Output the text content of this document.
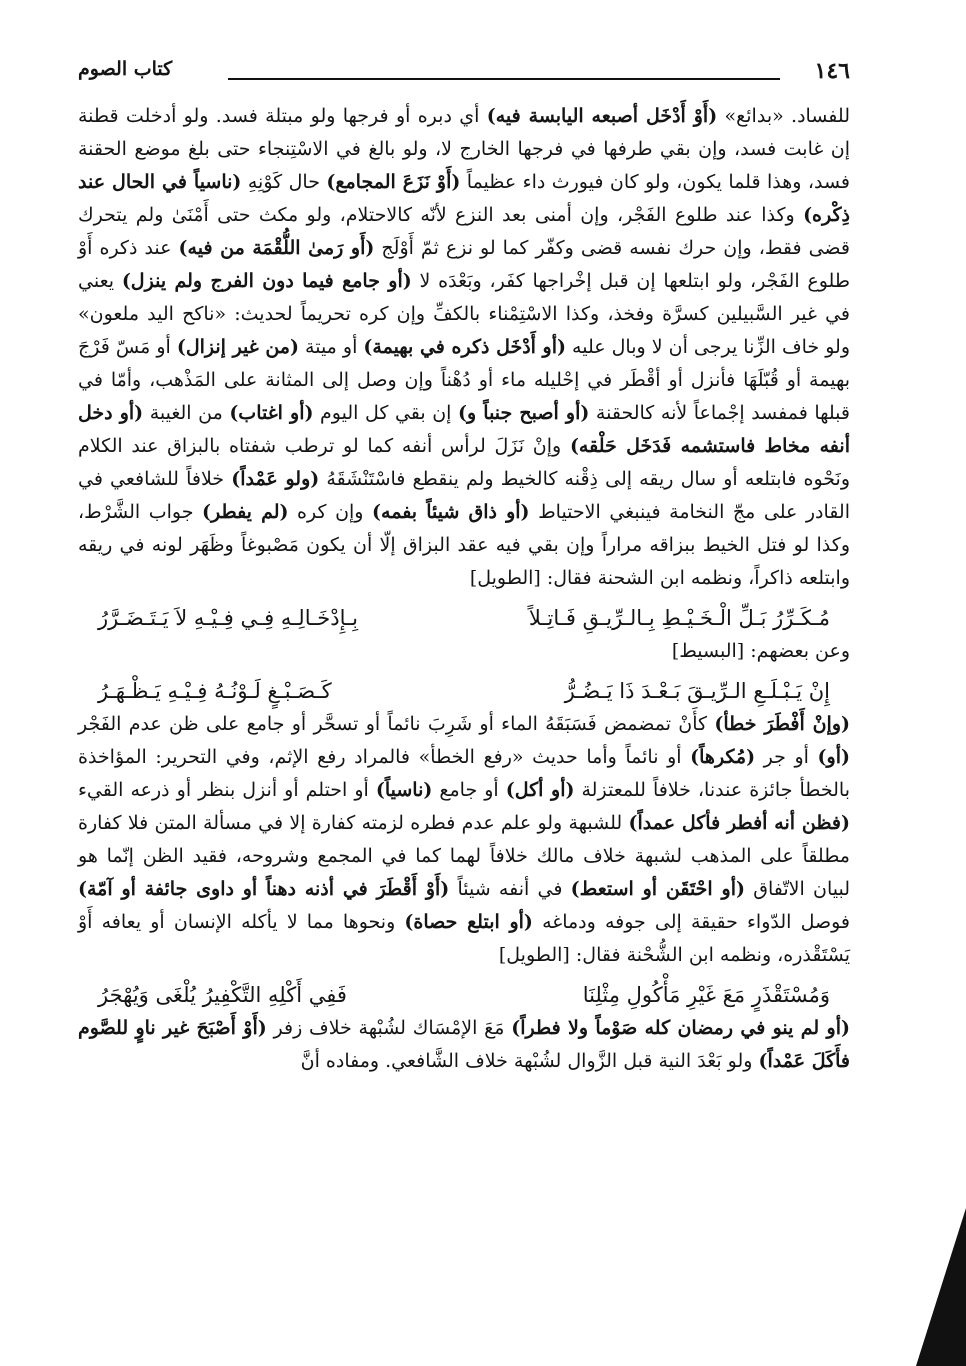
١٤٦
كتاب الصوم

للفساد. «بدائع» (أَوْ أَدْخَل أصبعه اليابسة فيه) أي دبره أو فرجها ولو مبتلة فسد. ولو أدخلت قطنة إن غابت فسد، وإن بقي طرفها في فرجها الخارج لا، ولو بالغ في الاسْتِنجاء حتى بلغ موضع الحقنة فسد، وهذا قلما يكون، ولو كان فيورث داء عظيماً (أَوْ نَزَعَ المجامع) حال كَوْنِهِ (ناسياً في الحال عند ذِكْره) وكذا عند طلوع الفَجْر، وإن أمنى بعد النزع لأنّه كالاحتلام، ولو مكث حتى أَمْنَىٰ ولم يتحرك قضى فقط، وإن حرك نفسه قضى وكفّر كما لو نزع ثمّ أَوْلَج (أَو رَمىٰ اللُّقْمَة من فيه) عند ذكره أَوْ طلوع الفَجْر، ولو ابتلعها إن قبل إخْراجها كفَر، وبَعْدَه لا (أو جامع فيما دون الفرج ولم ينزل) يعني في غير السَّبيلين كسرَّة وفخذ، وكذا الاسْتِمْناء بالكفِّ وإن كره تحريماً لحديث: «ناكح اليد ملعون» ولو خاف الزِّنا يرجى أن لا وبال عليه (أو أَدْخَل ذكره في بهيمة) أو ميتة (من غير إنزال) أو مَسّ فَرْجَ بهيمة أو قُبّلَهَا فأنزل أو أقْطَر في إحْليله ماء أو دُهْناً وإن وصل إلى المثانة على المَذْهب، وأمّا في قبلها فمفسد إجْماعاً لأنه كالحقنة (أو أصبح جنباً و) إن بقي كل اليوم (أو اغتاب) من الغيبة (أو دخل أنفه مخاط فاستشمه فَدَخَل حَلْقه) وإنْ نَزَلَ لرأس أنفه كما لو ترطب شفتاه بالبزاق عند الكلام ونَحْوه فابتلعه أو سال ريقه إلى ذِقْنه كالخيط ولم ينقطع فاسْتَنْشَقَهُ (ولو عَمْداً) خلافاً للشافعي في القادر على مجّ النخامة فينبغي الاحتياط (أو ذاق شيئاً بفمه) وإن كره (لم يفطر) جواب الشَّرْط، وكذا لو فتل الخيط ببزاقه مراراً وإن بقي فيه عقد البزاق إلّا أن يكون مَصْبوغاً وظَهَر لونه في ريقه وابتلعه ذاكراً، ونظمه ابن الشحنة فقال: [الطويل]

مُـكَـرِّرُ بَـلِّ الْـخَـيْـطِ بِـالـرِّيـقِ فَـاتِـلاً
بِـإِدْخَـالِـهِ فِـي فِـيْـهِ لاَ يَـتَـضَـرَّرُ
وعن بعضهم: [البسيط]
إِنْ يَـبْـلَـعِ الـرِّيـقَ بَـعْـدَ ذَا يَـضُـرُّ
كَـصَـبْـغٍ لَـوْنُـهُ فِـيْـهِ يَـظْـهَـرُ

(وإنْ أَفْطَرَ خطأ) كأَنْ تمضمض فَسَبَقَهُ الماء أو شَرِبَ نائماً أو تسحَّر أو جامع على ظن عدم الفَجْر (أو) أو جر (مُكرهاً) أو نائماً وأما حديث «رفع الخطأ» فالمراد رفع الإثم، وفي التحرير: المؤاخذة بالخطأ جائزة عندنا، خلافاً للمعتزلة (أو أكل) أو جامع (ناسياً) أو احتلم أو أنزل بنظر أو ذرعه القيء (فظن أنه أفطر فأكل عمداً) للشبهة ولو علم عدم فطره لزمته كفارة إلا في مسألة المتن فلا كفارة مطلقاً على المذهب لشبهة خلاف مالك خلافاً لهما كما في المجمع وشروحه، فقيد الظن إنّما هو لبيان الاتّفاق (أو احْتَقَن أو استعط) في أنفه شيئاً (أَوْ أَقْطَرَ في أذنه دهناً أو داوى جائفة أو آمّة) فوصل الدّواء حقيقة إلى جوفه ودماغه (أو ابتلع حصاة) ونحوها مما لا يأكله الإنسان أو يعافه أَوْ يَسْتَقْذره، ونظمه ابن الشُّحْنة فقال: [الطويل]

وَمُسْتَقْذَرٍ مَعَ غَيْرِ مَأْكُولِ مِثْلِنَا
فَفِي أَكْلِهِ التَّكْفِيرُ يُلْغَى وَيُهْجَرُ

(أو لم ينو في رمضان كله صَوْماً ولا فطراً) مَعَ الإمْسَاك لشُبْهة خلاف زفر (أَوْ أَصْبَحَ غير ناوٍ للصَّوم فأَكَلَ عَمْداً) ولو بَعْدَ النية قبل الزَّوال لشُبْهة خلاف الشَّافعي. ومفاده أنَّ
